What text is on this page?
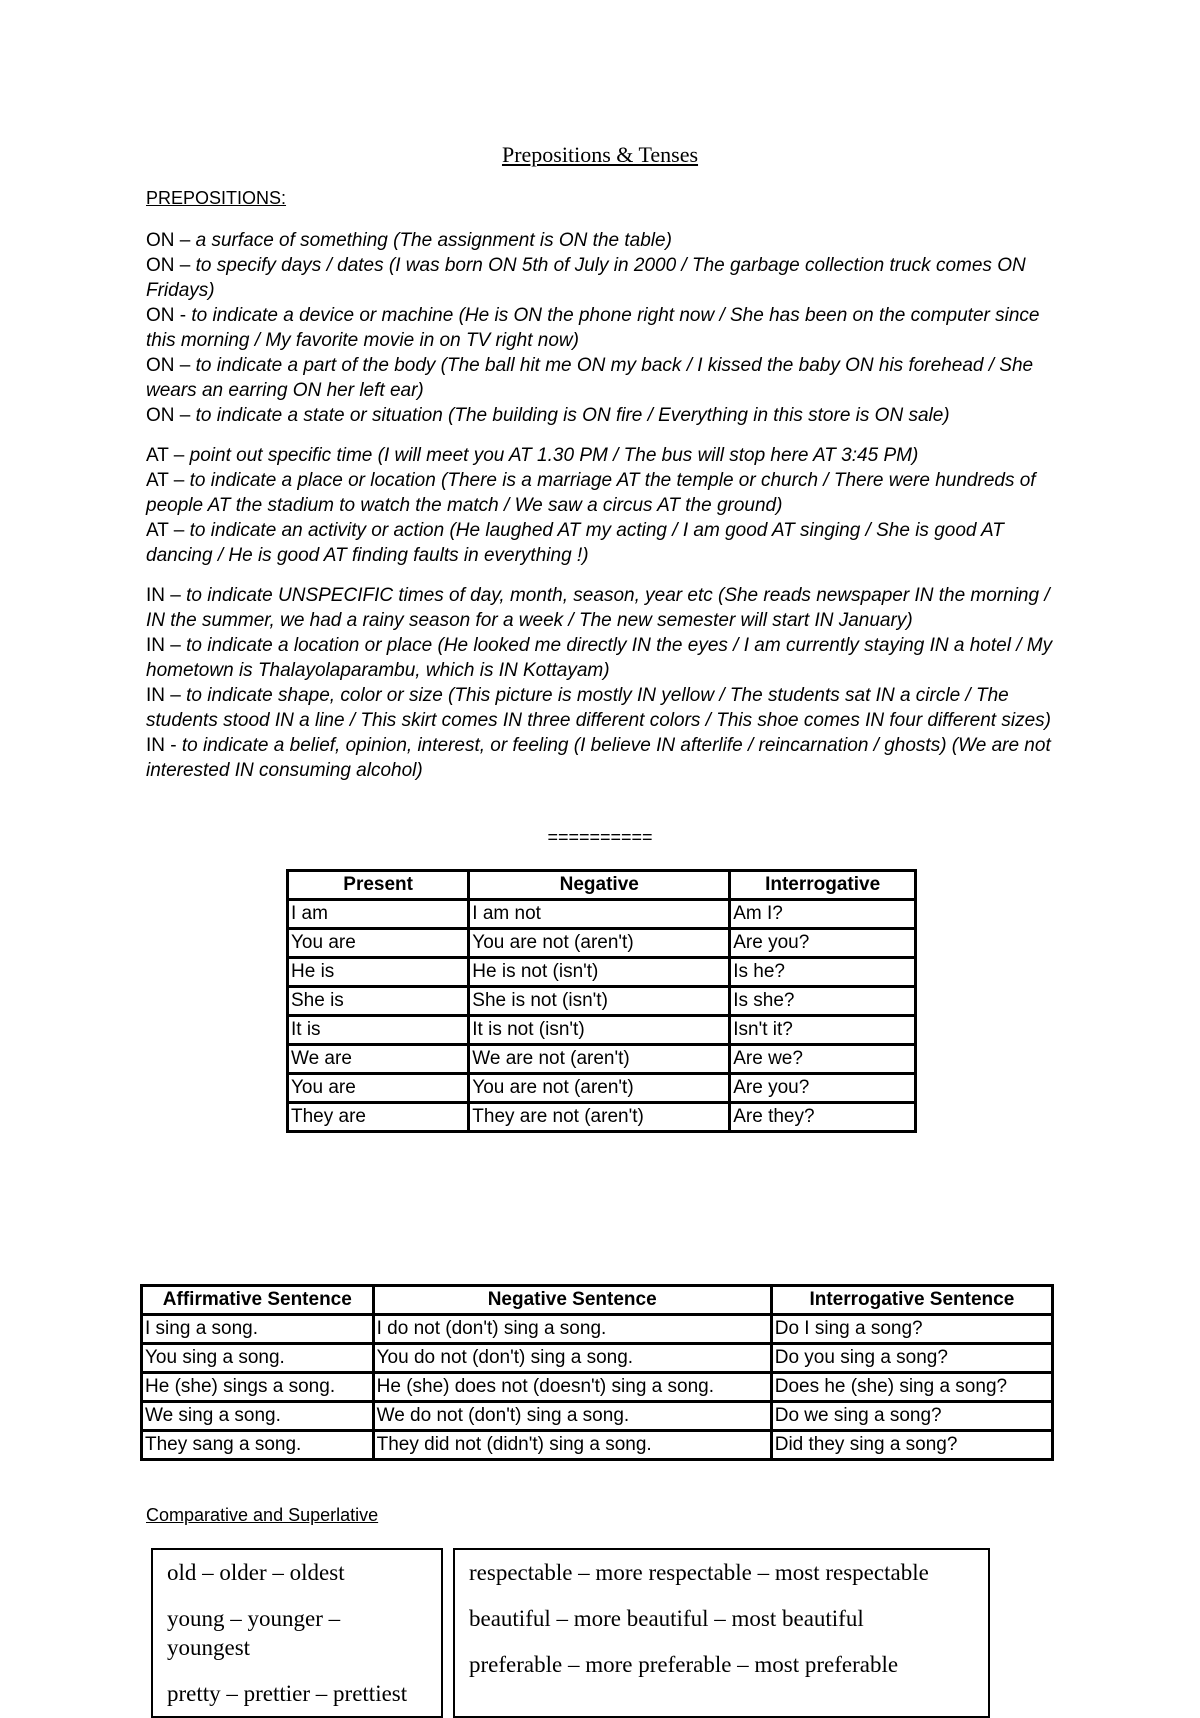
Prepositions & Tenses
PREPOSITIONS:

ON – a surface of something (The assignment is ON the table)

ON – to specify days / dates (I was born ON 5th of July in 2000 / The garbage collection truck comes ON Fridays)

ON - to indicate a device or machine (He is ON the phone right now / She has been on the computer since this morning / My favorite movie in on TV right now)

ON – to indicate a part of the body (The ball hit me ON my back / I kissed the baby ON his forehead / She wears an earring ON her left ear)

ON – to indicate a state or situation (The building is ON fire / Everything in this store is ON sale)

AT – point out specific time (I will meet you AT 1.30 PM / The bus will stop here AT 3:45 PM)

AT – to indicate a place or location (There is a marriage AT the temple or church / There were hundreds of people AT the stadium to watch the match / We saw a circus AT the ground)

AT – to indicate an activity or action (He laughed AT my acting / I am good AT singing / She is good AT dancing / He is good AT finding faults in everything !)

IN – to indicate UNSPECIFIC times of day, month, season, year etc (She reads newspaper IN the morning / IN the summer, we had a rainy season for a week / The new semester will start IN January)

IN – to indicate a location or place (He looked me directly IN the eyes / I am currently staying IN a hotel / My hometown is Thalayolaparambu, which is IN Kottayam)

IN – to indicate shape, color or size (This picture is mostly IN yellow / The students sat IN a circle / The students stood IN a line / This skirt comes IN three different colors / This shoe comes IN four different sizes)

IN - to indicate a belief, opinion, interest, or feeling (I believe IN afterlife / reincarnation / ghosts) (We are not interested IN consuming alcohol)

==========
Present	Negative	Interrogative
I am	I am not	Am I?
You are	You are not (aren't)	Are you?
He is	He is not (isn't)	Is he?
She is	She is not (isn't)	Is she?
It is	It is not (isn't)	Isn't it?
We are	We are not (aren't)	Are we?
You are	You are not (aren't)	Are you?
They are	They are not (aren't)	Are they?
Affirmative Sentence	Negative Sentence	Interrogative Sentence
I sing a song.	I do not (don't) sing a song.	Do I sing a song?
You sing a song.	You do not (don't) sing a song.	Do you sing a song?
He (she) sings a song.	He (she) does not (doesn't) sing a song.	Does he (she) sing a song?
We sing a song.	We do not (don't) sing a song.	Do we sing a song?
They sang a song.	They did not (didn't) sing a song.	Did they sing a song?
Comparative and Superlative

old – older – oldest

young – younger – youngest

pretty – prettier – prettiest

respectable – more respectable – most respectable

beautiful – more beautiful – most beautiful

preferable – more preferable – most preferable
